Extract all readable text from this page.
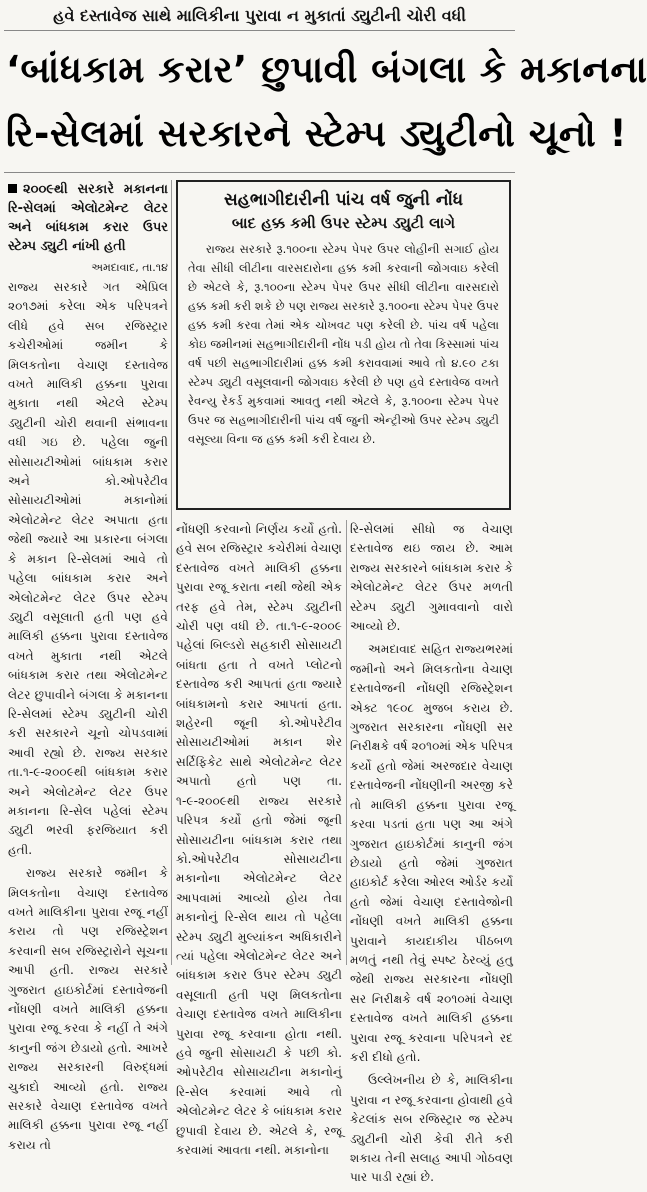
હવે દસ્તાવેજ સાથે માલિકીના પુરાવા ન મુકાતાં ડ્યુટીની ચોરી વધી
‘બાંધકામ કરાર’ છુપાવી બંગલા કે મકાનના
રિ-સેલમાં સરકારને સ્ટેમ્પ ડ્યુટીનો ચૂનો !
૨૦૦૯થી સરકારે મકાનના રિ-સેલમાં એલોટમેન્ટ લેટર અને બાંધકામ કરાર ઉપર સ્ટેમ્પ ડ્યુટી નાંખી હતી
અમદાવાદ, તા.૧૪

રાજ્ય સરકારે ગત એપ્રિલ ૨૦૧૭માં કરેલા એક પરિપત્રને લીધે હવે સબ રજિસ્ટ્રાર કચેરીઓમાં જમીન કે મિલકતોના વેચાણ દસ્તાવેજ વખતે માલિકી હક્કના પુરાવા મુકાતા નથી એટલે સ્ટેમ્પ ડ્યુટીની ચોરી થવાની સંભાવના વધી ગઇ છે. પહેલા જુની સોસાયટીઓમાં બાંધકામ કરાર અને કો.ઓપરેટીવ સોસાયટીઓમાં મકાનોમાં એલોટમેન્ટ લેટર અપાતા હતા જેથી જ્યારે આ પ્રકારના બંગલા કે મકાન રિ-સેલમાં આવે તો પહેલા બાંધકામ કરાર અને એલોટમેન્ટ લેટર ઉપર સ્ટેમ્પ ડ્યુટી વસૂલાતી હતી પણ હવે માલિકી હક્કના પુરાવા દસ્તાવેજ વખતે મુકાતા નથી એટલે બાંધકામ કરાર તથા એલોટમેન્ટ લેટર છુપાવીને બંગલા કે મકાનના રિ-સેલમાં સ્ટેમ્પ ડ્યુટીની ચોરી કરી સરકારને ચૂનો ચોપડવામાં આવી રહ્યો છે. રાજ્ય સરકાર તા.૧-૯-૨૦૦૯થી બાંધકામ કરાર અને એલોટમેન્ટ લેટર ઉપર મકાનના રિ-સેલ પહેલાં સ્ટેમ્પ ડ્યુટી ભરવી ફરજિયાત કરી હતી.

રાજ્ય સરકારે જમીન કે મિલકતોના વેચાણ દસ્તાવેજ વખતે માલિકીના પુરાવા રજૂ નહીં કરાય તો પણ રજિસ્ટ્રેશન કરવાની સબ રજિસ્ટ્રારોને સૂચના આપી હતી. રાજ્ય સરકારે ગુજરાત હાઇકોર્ટમાં દસ્તાવેજની નોંધણી વખતે માલિકી હક્કના પુરાવા રજૂ કરવા કે નહીં તે અંગે કાનુની જંગ છેડાયો હતો. આખરે રાજ્ય સરકારની વિરુદ્ધમાં ચુકાદો આવ્યો હતો. રાજ્ય સરકારે વેચાણ દસ્તાવેજ વખતે માલિકી હક્કના પુરાવા રજૂ નહીં કરાય તો

સહભાગીદારીની પાંચ વર્ષ જુની નોંધ
બાદ હક્ક કમી ઉપર સ્ટેમ્પ ડ્યુટી લાગે
રાજ્ય સરકારે રૂ.૧૦૦ના સ્ટેમ્પ પેપર ઉપર લોહીની સગાઈ હોય તેવા સીધી લીટીના વારસદારોના હક્ક કમી કરવાની જોગવાઇ કરેલી છે એટલે કે, રૂ.૧૦૦ના સ્ટેમ્પ પેપર ઉપર સીધી લીટીના વારસદારો હક્ક કમી કરી શકે છે પણ રાજ્ય સરકારે રૂ.૧૦૦ના સ્ટેમ્પ પેપર ઉપર હક્ક કમી કરવા તેમાં એક ચોખવટ પણ કરેલી છે. પાંચ વર્ષ પહેલા કોઇ જમીનમાં સહભાગીદારીની નોંધ પડી હોય તો તેવા કિસ્સામાં પાંચ વર્ષ પછી સહભાગીદારીમાં હક્ક કમી કરાવવામાં આવે તો ૪.૯૦ ટકા સ્ટેમ્પ ડ્યુટી વસૂલવાની જોગવાઇ કરેલી છે પણ હવે દસ્તાવેજ વખતે રેવન્યુ રેકર્ડ મુકવામાં આવતુ નથી એટલે કે, રૂ.૧૦૦ના સ્ટેમ્પ પેપર ઉપર જ સહભાગીદારીની પાંચ વર્ષ જુની એન્ટ્રીઓ ઉપર સ્ટેમ્પ ડ્યુટી વસૂલ્યા વિના જ હક્ક કમી કરી દેવાય છે.

નોંધણી કરવાનો નિર્ણય કર્યો હતો. હવે સબ રજિસ્ટ્રાર કચેરીમાં વેચાણ દસ્તાવેજ વખતે માલિકી હક્કના પુરાવા રજૂ કરાતા નથી જેથી એક તરફ હવે તેમ, સ્ટેમ્પ ડ્યુટીની ચોરી પણ વધી છે. તા.૧-૯-૨૦૦૯ પહેલાં બિલ્ડરો સહકારી સોસાયટી બાંધતા હતા તે વખતે પ્લોટનો દસ્તાવેજ કરી આપતાં હતા જ્યારે બાંધકામનો કરાર આપતાં હતા. શહેરની જૂની કો.ઓપરેટીવ સોસાયટીઓમાં મકાન શેર સર્ટિફિકેટ સાથે એલોટમેન્ટ લેટર અપાતો હતો પણ તા. ૧-૯-૨૦૦૯થી રાજ્ય સરકારે પરિપત્ર કર્યો હતો જેમાં જૂની સોસાયટીના બાંધકામ કરાર તથા કો.ઓપરેટીવ સોસાયટીના મકાનોના એલોટમેન્ટ લેટર આપવામાં આવ્યો હોય તેવા મકાનોનું રિ-સેલ થાય તો પહેલા સ્ટેમ્પ ડ્યુટી મુલ્યાંકન અધિકારીને ત્યાં પહેલા એલોટમેન્ટ લેટર અને બાંધકામ કરાર ઉપર સ્ટેમ્પ ડ્યુટી વસૂલાતી હતી પણ મિલકતોના વેચાણ દસ્તાવેજ વખતે માલિકીના પુરાવા રજૂ કરવાના હોતા નથી. હવે જુની સોસાયટી કે પછી કો. ઓપરેટીવ સોસાયટીના મકાનોનું રિ-સેલ કરવામાં આવે તો એલોટમેન્ટ લેટર કે બાંધકામ કરાર છુપાવી દેવાય છે. એટલે કે, રજૂ કરવામાં આવતા નથી. મકાનોના

રિ-સેલમાં સીધો જ વેચાણ દસ્તાવેજ થઇ જાય છે. આમ રાજ્ય સરકારને બાંધકામ કરાર કે એલોટમેન્ટ લેટર ઉપર મળતી સ્ટેમ્પ ડ્યુટી ગુમાવવાનો વારો આવ્યો છે.

અમદાવાદ સહિત રાજ્યભરમાં જમીનો અને મિલકતોના વેચાણ દસ્તાવેજની નોંધણી રજિસ્ટ્રેશન એક્ટ ૧૯૦૮ મુજબ કરાય છે. ગુજરાત સરકારના નોંધણી સર નિરીક્ષકે વર્ષ ૨૦૧૦માં એક પરિપત્ર કર્યો હતો જેમાં અરજદાર વેચાણ દસ્તાવેજની નોંધણીની અરજી કરે તો માલિકી હક્કના પુરાવા રજૂ કરવા પડતાં હતા પણ આ અંગે ગુજરાત હાઇકોર્ટમાં કાનુની જંગ છેડાયો હતો જેમાં ગુજરાત હાઇકોર્ટ કરેલા ઓરલ ઓર્ડર કર્યો હતો જેમાં વેચાણ દસ્તાવેજોની નોંધણી વખતે માલિકી હક્કના પુરાવાને કાયદાકીય પીઠબળ મળતું નથી તેવું સ્પષ્ટ ઠેરવ્યું હતુ જેથી રાજ્ય સરકારના નોંધણી સર નિરીક્ષકે વર્ષ ૨૦૧૦માં વેચાણ દસ્તાવેજ વખતે માલિકી હક્કના પુરાવા રજૂ કરવાના પરિપત્રને રદ કરી દીધો હતો.

ઉલ્લેખનીય છે કે, માલિકીના પુરાવા ન રજૂ કરવાના હોવાથી હવે કેટલાંક સબ રજિસ્ટ્રાર જ સ્ટેમ્પ ડ્યુટીની ચોરી કેવી રીતે કરી શકાય તેની સલાહ આપી ગોઠવણ પાર પાડી રહ્યાં છે.
